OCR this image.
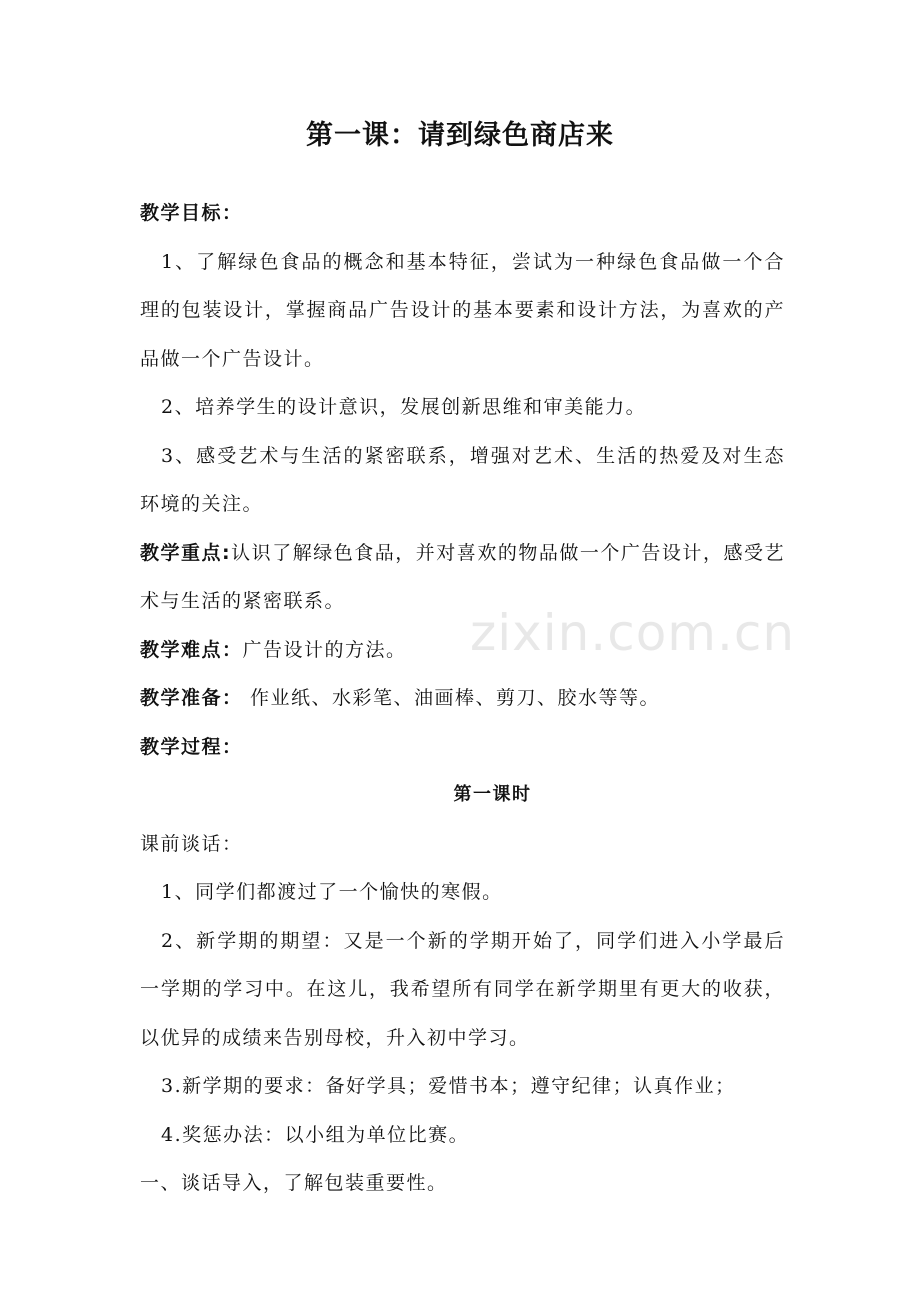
第一课：请到绿色商店来

教学目标：

1、了解绿色食品的概念和基本特征，尝试为一种绿色食品做一个合理的包装设计，掌握商品广告设计的基本要素和设计方法，为喜欢的产品做一个广告设计。

2、培养学生的设计意识，发展创新思维和审美能力。

3、感受艺术与生活的紧密联系，增强对艺术、生活的热爱及对生态环境的关注。

教学重点:认识了解绿色食品，并对喜欢的物品做一个广告设计，感受艺术与生活的紧密联系。

教学难点：广告设计的方法。

教学准备： 作业纸、水彩笔、油画棒、剪刀、胶水等等。

教学过程：

第一课时

课前谈话：

1、同学们都渡过了一个愉快的寒假。

2、新学期的期望：又是一个新的学期开始了，同学们进入小学最后一学期的学习中。在这儿，我希望所有同学在新学期里有更大的收获，以优异的成绩来告别母校，升入初中学习。

3.新学期的要求：备好学具；爱惜书本；遵守纪律；认真作业；

4.奖惩办法：以小组为单位比赛。

一、谈话导入，了解包装重要性。

zixin.com.cn
